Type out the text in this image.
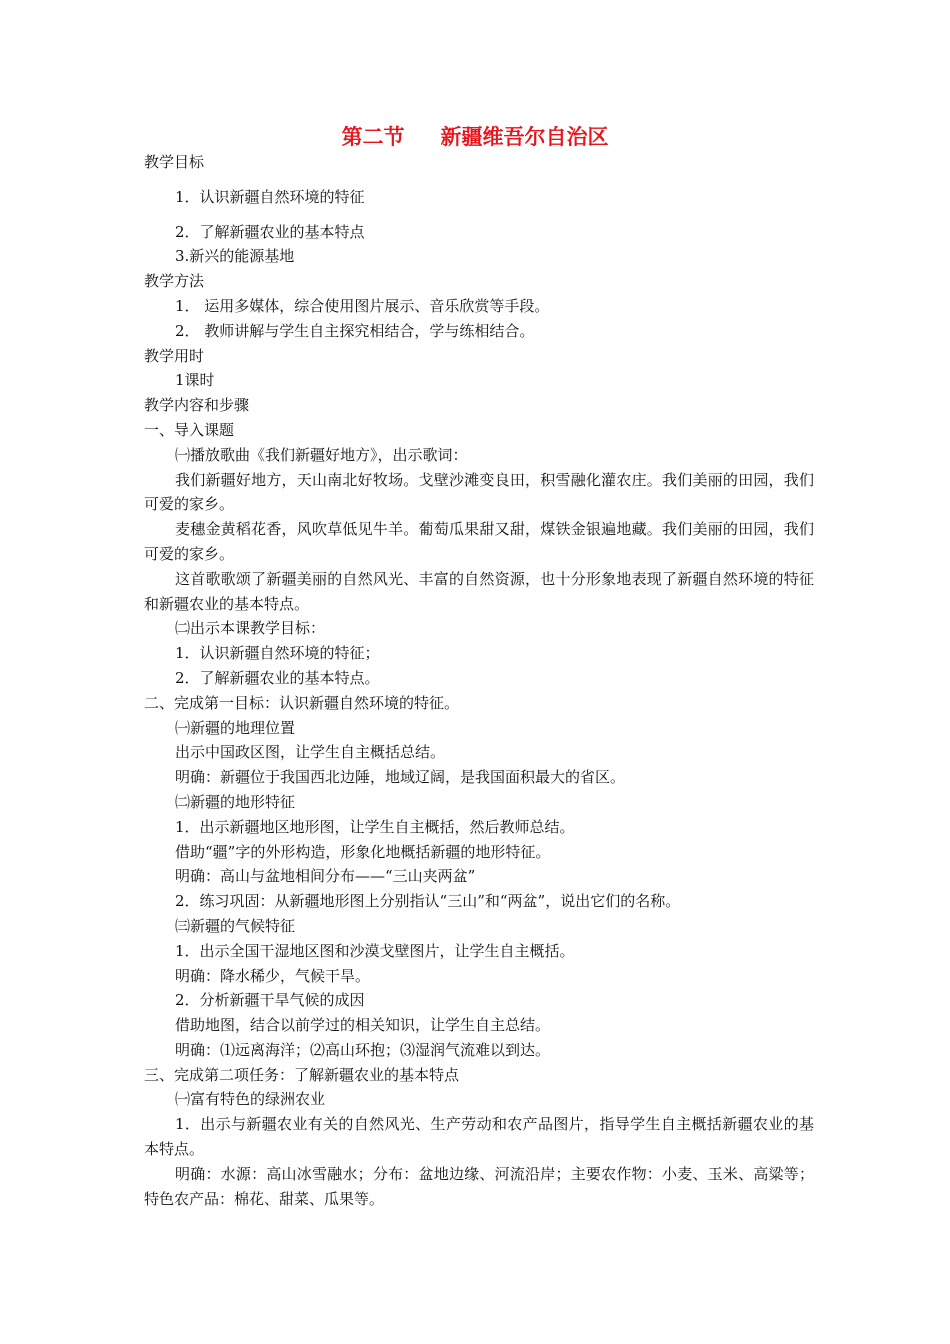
第二节 新疆维吾尔自治区
教学目标
1．认识新疆自然环境的特征
2．了解新疆农业的基本特点
3.新兴的能源基地
教学方法
1． 运用多媒体，综合使用图片展示、音乐欣赏等手段。
2． 教师讲解与学生自主探究相结合，学与练相结合。
教学用时
1课时
教学内容和步骤
一、导入课题
㈠播放歌曲《我们新疆好地方》，出示歌词：
我们新疆好地方，天山南北好牧场。戈壁沙滩变良田，积雪融化灌农庄。我们美丽的田园，我们可爱的家乡。
麦穗金黄稻花香，风吹草低见牛羊。葡萄瓜果甜又甜，煤铁金银遍地藏。我们美丽的田园，我们可爱的家乡。
这首歌歌颂了新疆美丽的自然风光、丰富的自然资源，也十分形象地表现了新疆自然环境的特征和新疆农业的基本特点。
㈡出示本课教学目标：
1．认识新疆自然环境的特征；
2．了解新疆农业的基本特点。
二、完成第一目标：认识新疆自然环境的特征。
㈠新疆的地理位置
出示中国政区图，让学生自主概括总结。
明确：新疆位于我国西北边陲，地域辽阔，是我国面积最大的省区。
㈡新疆的地形特征
1．出示新疆地区地形图，让学生自主概括，然后教师总结。
借助“疆”字的外形构造，形象化地概括新疆的地形特征。
明确：高山与盆地相间分布——“三山夹两盆”
2．练习巩固：从新疆地形图上分别指认“三山”和“两盆”，说出它们的名称。
㈢新疆的气候特征
1．出示全国干湿地区图和沙漠戈壁图片，让学生自主概括。
明确：降水稀少，气候干旱。
2．分析新疆干旱气候的成因
借助地图，结合以前学过的相关知识，让学生自主总结。
明确：⑴远离海洋；⑵高山环抱；⑶湿润气流难以到达。
三、完成第二项任务：了解新疆农业的基本特点
㈠富有特色的绿洲农业
1．出示与新疆农业有关的自然风光、生产劳动和农产品图片，指导学生自主概括新疆农业的基本特点。
明确：水源：高山冰雪融水；分布：盆地边缘、河流沿岸；主要农作物：小麦、玉米、高粱等；特色农产品：棉花、甜菜、瓜果等。
